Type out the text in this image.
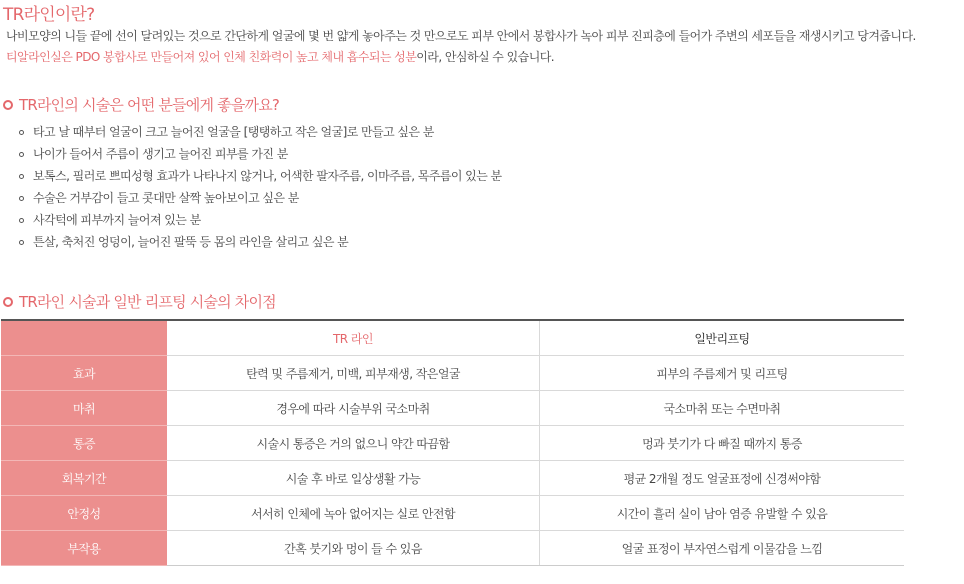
TR라인이란?
나비모양의 니들 끝에 선이 달려있는 것으로 간단하게 얼굴에 몇 번 얇게 놓아주는 것 만으로도 피부 안에서 봉합사가 녹아 피부 진피층에 들어가 주변의 세포들을 재생시키고 당겨줍니다.
티알라인실은 PDO 봉합사로 만들어져 있어 인체 친화력이 높고 체내 흡수되는 성분이라, 안심하실 수 있습니다.
TR라인의 시술은 어떤 분들에게 좋을까요?
타고 날 때부터 얼굴이 크고 늘어진 얼굴을 [탱탱하고 작은 얼굴]로 만들고 싶은 분
나이가 들어서 주름이 생기고 늘어진 피부를 가진 분
보톡스, 필러로 쁘띠성형 효과가 나타나지 않거나, 어색한 팔자주름, 이마주름, 목주름이 있는 분
수술은 거부감이 들고 콧대만 살짝 높아보이고 싶은 분
사각턱에 피부까지 늘어져 있는 분
튼살, 축처진 엉덩이, 늘어진 팔뚝 등 몸의 라인을 살리고 싶은 분
TR라인 시술과 일반 리프팅 시술의 차이점
	TR 라인	일반리프팅
효과	탄력 및 주름제거, 미백, 피부재생, 작은얼굴	피부의 주름제거 및 리프팅
마취	경우에 따라 시술부위 국소마취	국소마취 또는 수면마취
통증	시술시 통증은 거의 없으니 약간 따끔함	멍과 붓기가 다 빠질 때까지 통증
회복기간	시술 후 바로 일상생활 가능	평균 2개월 정도 얼굴표정에 신경써야함
안정성	서서히 인체에 녹아 없어지는 실로 안전함	시간이 흘러 실이 남아 염증 유발할 수 있음
부작용	간혹 붓기와 멍이 들 수 있음	얼굴 표정이 부자연스럽게 이물감을 느낌
